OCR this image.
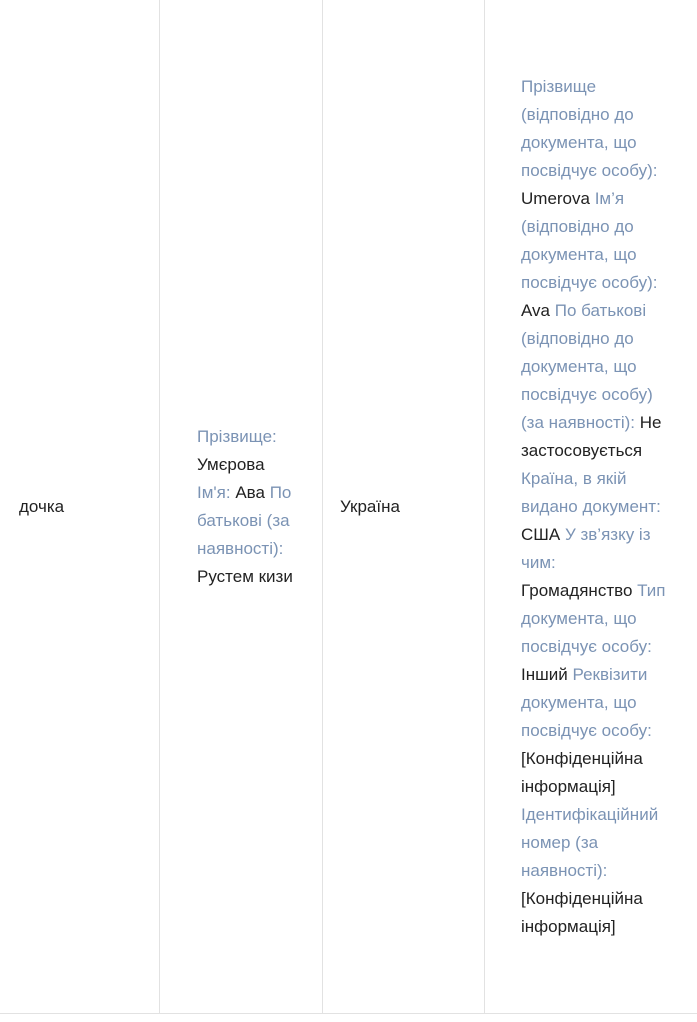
дочка
Прізвище: Умєрова Ім'я: Ава По батькові (за наявності): Рустем кизи
Україна
Прізвище (відповідно до документа, що посвідчує особу): Umerova Ім’я (відповідно до документа, що посвідчує особу): Ava По батькові (відповідно до документа, що посвідчує особу) (за наявності): Не застосовується Країна, в якій видано документ: США У зв’язку із чим: Громадянство Тип документа, що посвідчує особу: Інший Реквізити документа, що посвідчує особу: [Конфіденційна інформація] Ідентифікаційний номер (за наявності): [Конфіденційна інформація]
